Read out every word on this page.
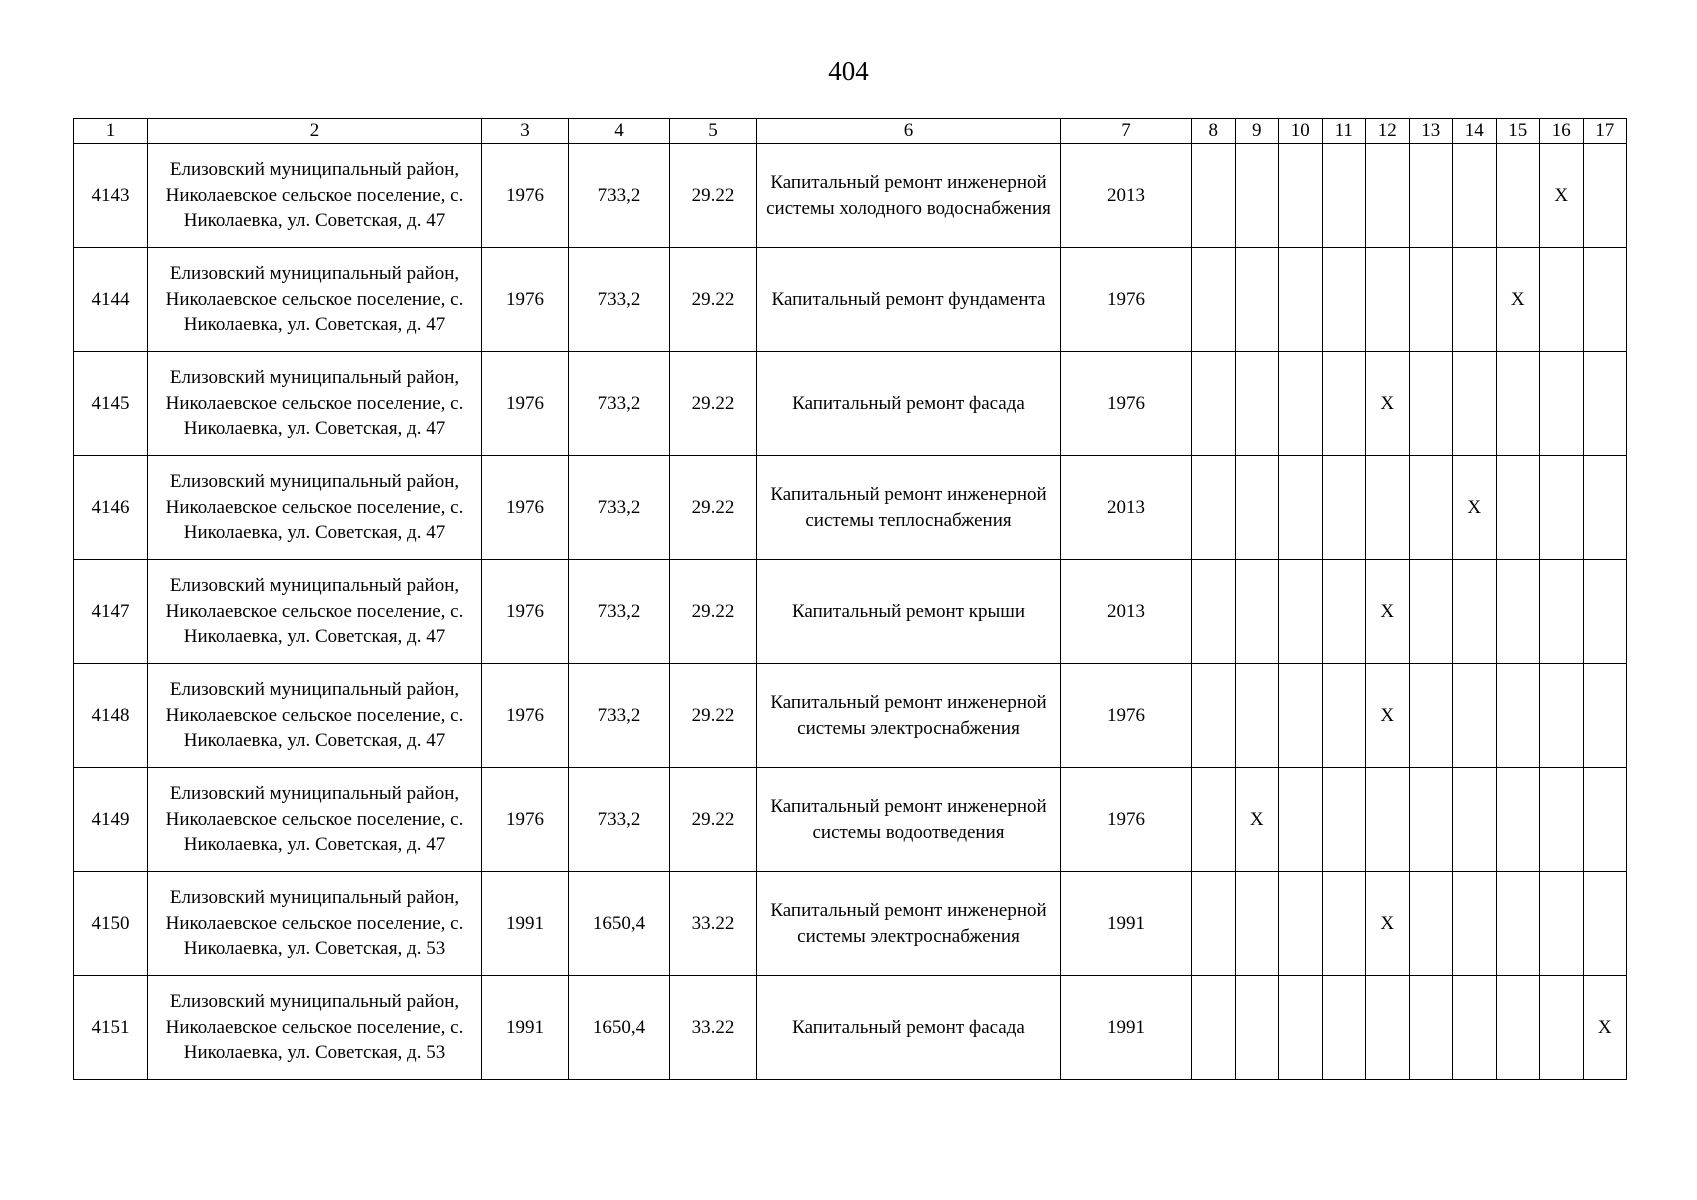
404
1	2	3	4	5	6	7	8	9	10	11	12	13	14	15	16	17
4143	Елизовский муниципальный район, Николаевское сельское поселение, с. Николаевка, ул. Советская, д. 47	1976	733,2	29.22	Капитальный ремонт инженерной системы холодного водоснабжения	2013									Х	
4144	Елизовский муниципальный район, Николаевское сельское поселение, с. Николаевка, ул. Советская, д. 47	1976	733,2	29.22	Капитальный ремонт фундамента	1976								Х		
4145	Елизовский муниципальный район, Николаевское сельское поселение, с. Николаевка, ул. Советская, д. 47	1976	733,2	29.22	Капитальный ремонт фасада	1976					Х					
4146	Елизовский муниципальный район, Николаевское сельское поселение, с. Николаевка, ул. Советская, д. 47	1976	733,2	29.22	Капитальный ремонт инженерной системы теплоснабжения	2013							Х			
4147	Елизовский муниципальный район, Николаевское сельское поселение, с. Николаевка, ул. Советская, д. 47	1976	733,2	29.22	Капитальный ремонт крыши	2013					Х					
4148	Елизовский муниципальный район, Николаевское сельское поселение, с. Николаевка, ул. Советская, д. 47	1976	733,2	29.22	Капитальный ремонт инженерной системы электроснабжения	1976					Х					
4149	Елизовский муниципальный район, Николаевское сельское поселение, с. Николаевка, ул. Советская, д. 47	1976	733,2	29.22	Капитальный ремонт инженерной системы водоотведения	1976		Х								
4150	Елизовский муниципальный район, Николаевское сельское поселение, с. Николаевка, ул. Советская, д. 53	1991	1650,4	33.22	Капитальный ремонт инженерной системы электроснабжения	1991					Х					
4151	Елизовский муниципальный район, Николаевское сельское поселение, с. Николаевка, ул. Советская, д. 53	1991	1650,4	33.22	Капитальный ремонт фасада	1991										Х
